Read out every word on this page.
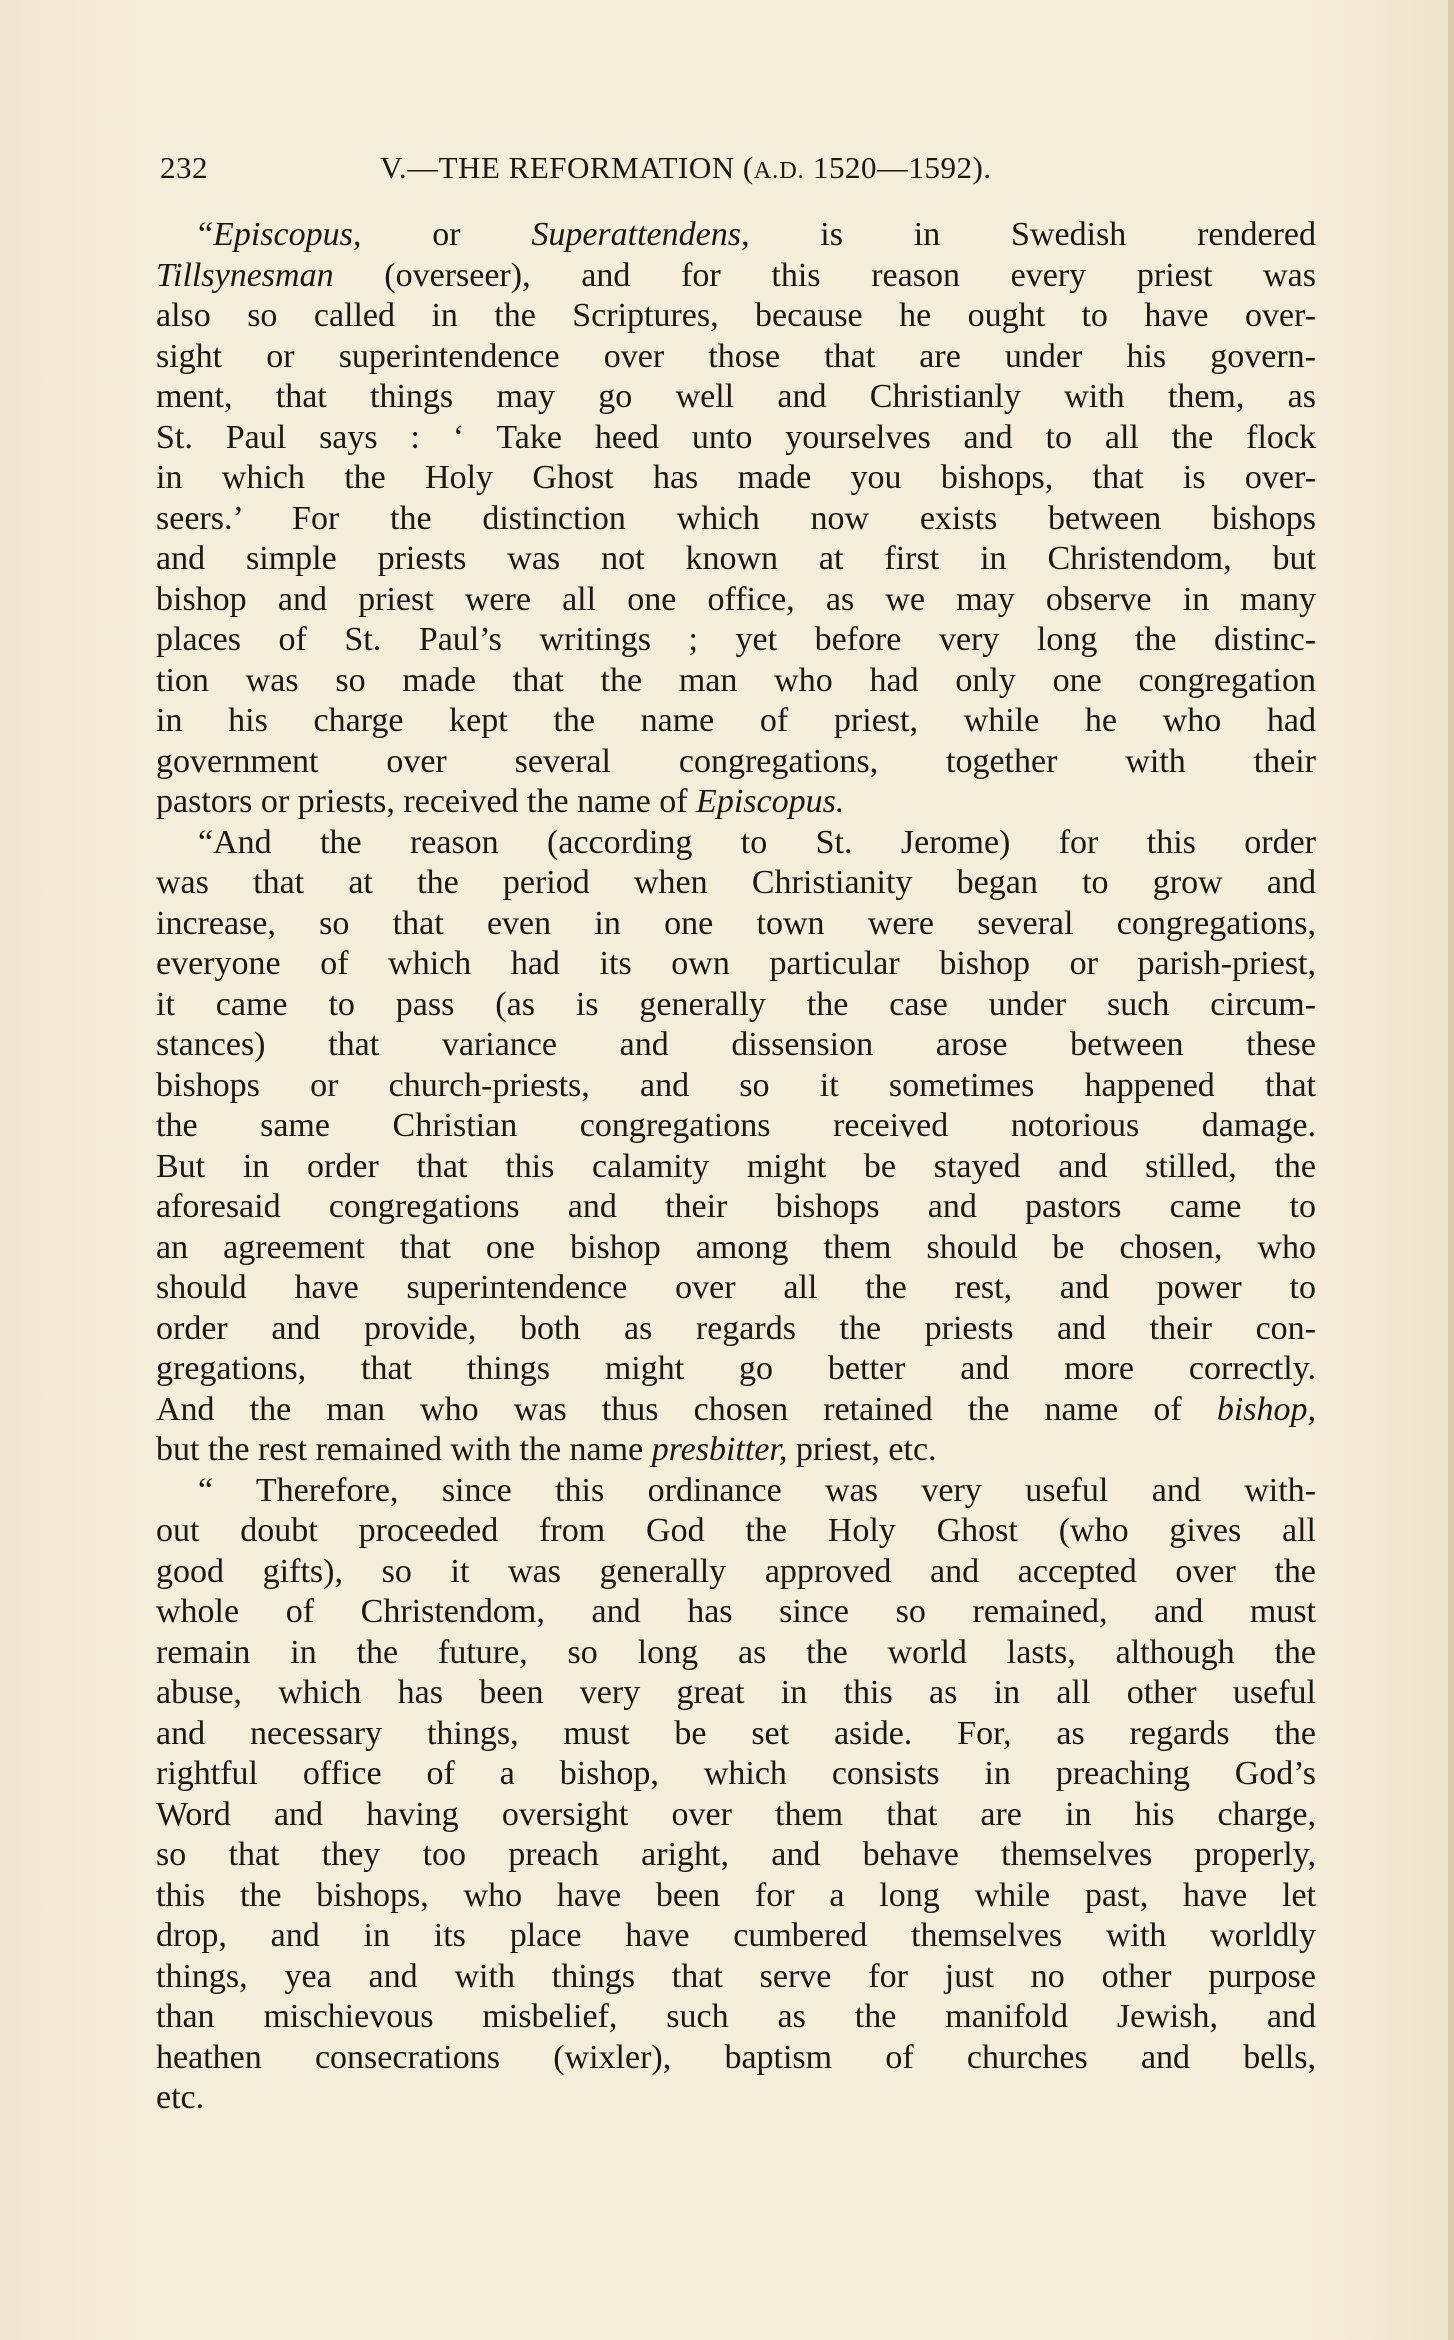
232	V.—THE REFORMATION (A.D. 1520—1592).
“Episcopus, or Superattendens, is in Swedish rendered
Tillsynesman (overseer), and for this reason every priest was
also so called in the Scriptures, because he ought to have over-
sight or superintendence over those that are under his govern-
ment, that things may go well and Christianly with them, as
St. Paul says : ‘ Take heed unto yourselves and to all the flock
in which the Holy Ghost has made you bishops, that is over-
seers.’ For the distinction which now exists between bishops
and simple priests was not known at first in Christendom, but
bishop and priest were all one office, as we may observe in many
places of St. Paul’s writings ; yet before very long the distinc-
tion was so made that the man who had only one congregation
in his charge kept the name of priest, while he who had
government over several congregations, together with their
pastors or priests, received the name of Episcopus.
“And the reason (according to St. Jerome) for this order
was that at the period when Christianity began to grow and
increase, so that even in one town were several congregations,
everyone of which had its own particular bishop or parish-priest,
it came to pass (as is generally the case under such circum-
stances) that variance and dissension arose between these
bishops or church-priests, and so it sometimes happened that
the same Christian congregations received notorious damage.
But in order that this calamity might be stayed and stilled, the
aforesaid congregations and their bishops and pastors came to
an agreement that one bishop among them should be chosen, who
should have superintendence over all the rest, and power to
order and provide, both as regards the priests and their con-
gregations, that things might go better and more correctly.
And the man who was thus chosen retained the name of bishop,
but the rest remained with the name presbitter, priest, etc.
“ Therefore, since this ordinance was very useful and with-
out doubt proceeded from God the Holy Ghost (who gives all
good gifts), so it was generally approved and accepted over the
whole of Christendom, and has since so remained, and must
remain in the future, so long as the world lasts, although the
abuse, which has been very great in this as in all other useful
and necessary things, must be set aside. For, as regards the
rightful office of a bishop, which consists in preaching God’s
Word and having oversight over them that are in his charge,
so that they too preach aright, and behave themselves properly,
this the bishops, who have been for a long while past, have let
drop, and in its place have cumbered themselves with worldly
things, yea and with things that serve for just no other purpose
than mischievous misbelief, such as the manifold Jewish, and
heathen consecrations (wixler), baptism of churches and bells,
etc.
